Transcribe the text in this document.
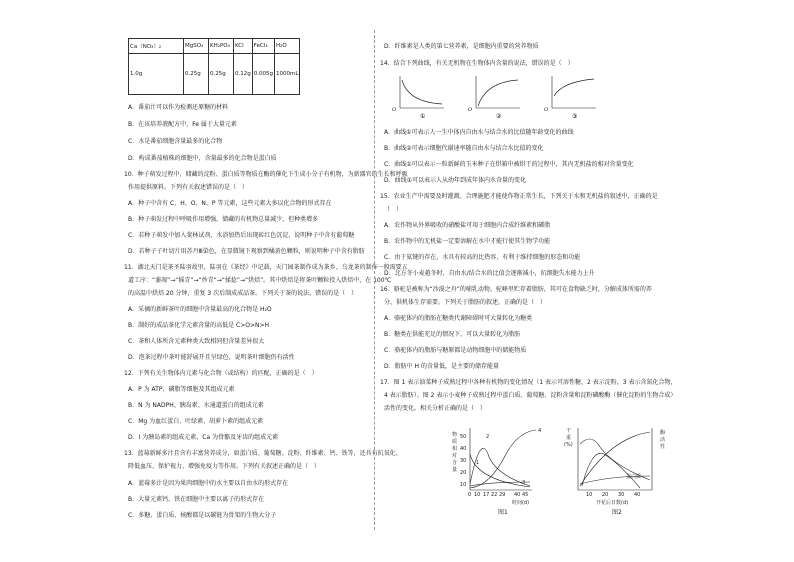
Ca（NO₃）₂	MgSO₄	KH₂PO₄	KCl	FeCl₃	H₂O
1.0g	0.25g	0.25g	0.12g	0.005g	1000mL
A．番茄汁可以作为检测还原糖的材料
B．在该培养液配方中，Fe 属于大量元素
C．水是番茄细胞含量最多的化合物
D．构成番茄植株的细胞中，含量最多的化合物是蛋白质
10．种子萌发过程中，储藏的淀粉、蛋白质等物质在酶的催化下生成小分子有机物，为新器官的生长和呼吸
作用提供原料。下列有关叙述错误的是（　）
A．种子中含有 C、H、O、N、P 等元素，这些元素大多以化合物的形式存在
B．种子萌发过程中呼吸作用增强，储藏的有机物总量减少，但种类增多
C．若种子萌发中加入斐林试剂，水浴加热后出现砖红色沉淀，说明种子中含有葡萄糖
D．若种子子叶切片用苏丹Ⅲ染色，在显微镜下观察到橘黄色颗粒，则说明种子中含有脂肪
11．湖北天门是茶圣陆羽故里，陆羽在《茶经》中记载，天门园茶制作成为茶乡。乌龙茶的制作一般需要五
道工序：“萎凋”→“摇青”→“炒青”→“揉捻”→“烘焙”。其中烘焙是将茶叶颗粒投入烘焙中，在 100℃
的高温中烘焙 20 分钟，重复 3 次后制成成品茶。下列关于茶的说法，错误的是（　）
A．采摘的新鲜茶叶的细胞中含量最高的化合物是 H₂O
B．制好的成品茶化学元素含量的高低是 C>O>N>H
C．茶和人体所含元素种类大致相同但含量差异很大
D．泡茶过程中茶叶能舒展开且呈绿色，说明茶叶细胞仍有活性
12．下列有关生物体内元素与化合物（或结构）的匹配，正确的是（　）
A．P 为 ATP、磷脂等细胞及其组成元素
B．N 为 NADPH、胰岛素、水通道蛋白的组成元素
C．Mg 为血红蛋白、叶绿素、胡萝卜素的组成元素
D．I 为胰岛素的组成元素，Ca 为骨骼及牙齿的组成元素
13．蓝莓新鲜多汁且含有丰富营养成分，如蛋白质、葡萄糖、淀粉、纤维素、钙、铁等，还具有抗氧化、
降低血压、保护视力、增强免疫力等作用。下列有关叙述正确的是（　）
A．蓝莓多汁是因为果肉细胞中的水主要以自由水的形式存在
B．大量元素钙、铁在细胞中主要以离子的形式存在
C．多糖、蛋白质、核酸都是以碳链为骨架的生物大分子
D．纤维素是人类的第七营养素，是细胞内重要的营养物质
14．结合下列曲线，有关无机物在生物体内含量的说法，错误的是（　）
O
①
O
②
O
③
A．曲线①可表示人一生中体内自由水与结合水的比值随年龄变化的曲线
B．曲线②可表示细胞代谢速率随自由水与结合水比值的变化
C．曲线①可以表示一粒新鲜的玉米种子在烘箱中被烘干的过程中，其内无机盐的相对含量变化
D．曲线①可以表示人从幼年到成年体内水含量的变化
15．农业生产中需要及时灌溉、合理施肥才能使作物正常生长，下列关于水和无机盐的叙述中，正确的是
（　）
A．农作物从外界吸收的硝酸盐可用于细胞内合成纤维素和磷脂
B．农作物中的无机盐一定要溶解在水中才能行使其生物学功能
C．由于氨键的存在，水具有较高的比热容，有利于维持细胞的形态和功能
D．北方冬小麦越冬时，自由水/结合水的比值会逐渐减小，抗细胞失水能力上升
16．骆驼是被称为“沙漠之舟”的哺乳动物。驼峰里贮存着脂肪，其可在食物缺乏时，分解成体所需的养
分，供机体生存需要。下列关于脂肪的叙述，正确的是（　）
A．骆驼体内的脂肪在糖类代谢障碍时可大量转化为糖类
B．糖类在供能充足的情况下，可以大量转化为脂肪
C．骆驼体内的脂肪与糖原都是动物细胞中的储能物质
D．脂肪中 H 的含量低，是主要的储存能量
17．图 1 表示油菜种子成熟过程中各种有机物的变化情况（1 表示可溶性糖，2 表示淀粉，3 表示含氮化合物，
4 表示脂肪）。图 2 表示小麦种子成熟过程中蛋白质、葡萄糖、淀粉含量和淀粉磷酸酶（催化淀粉的生物合成）
活性的变化。相关分析正确的是（　）
物
质
相
对
含
量
50
40
30
20
10
0 10 17 22 29 40 45
时间(d)
图1
4
2
1
3
干
重
(%)
酶
活
性
10 20 30 40
开花后日数(d)
图2
蛋白质
